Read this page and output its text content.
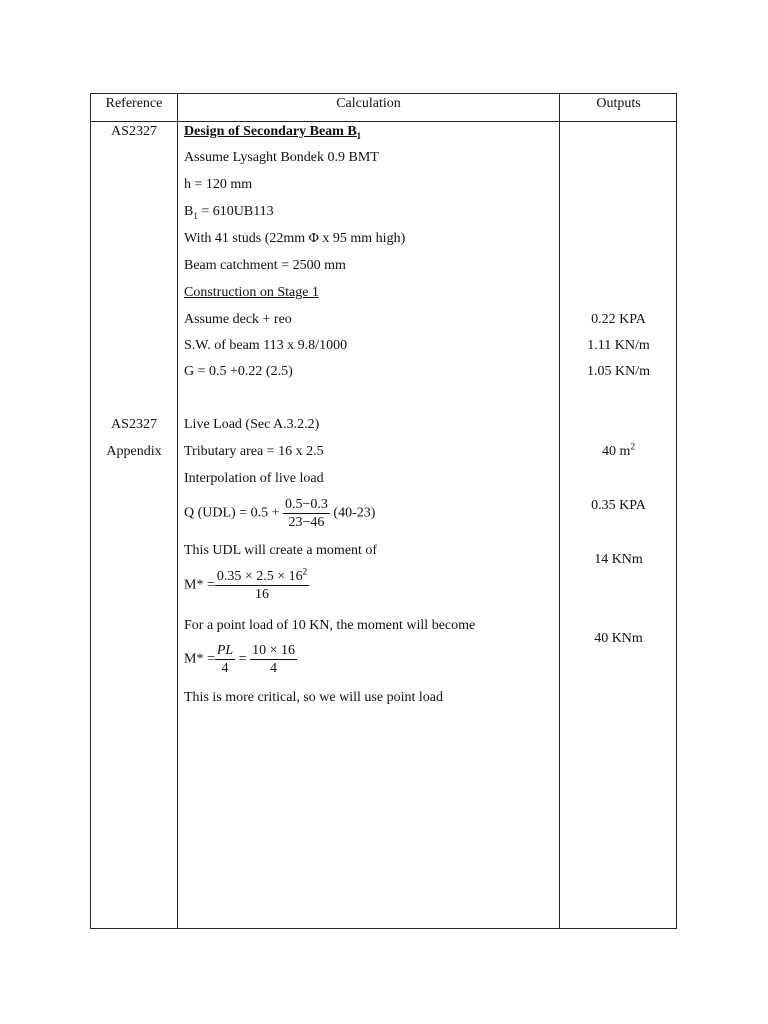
Reference	Calculation	Outputs
AS2327
AS2327
Appendix
Design of Secondary Beam $B_1$
Assume Lysaght Bondek 0.9 BMT
h = 120 mm
$B_1 = 610UB113$
With 41 studs (22mm Φ x 95 mm high)
Beam catchment = 2500 mm
Construction on Stage 1
Assume deck + reo
S.W. of beam 113 x 9.8/1000
G = 0.5 +0.22 (2.5)
Live Load (Sec A.3.2.2)
Tributary area = 16 x 2.5
Interpolation of live load
Q $(UDL) = 0.5 + \frac{0.5-0.3}{23-46} (40-23)$
This UDL will create a moment of
$M* = \frac{0.35 \times 2.5 \times 16^2}{16}$
For a point load of 10 KN, the moment will become
$M* = \frac{PL}{4} = \frac{10 \times 16}{4}$
This is more critical, so we will use point load
0.22 KPA
1.11 KN/m
1.05 KN/m
40 $m^2$
0.35 KPA
14 KNm
40 KNm
